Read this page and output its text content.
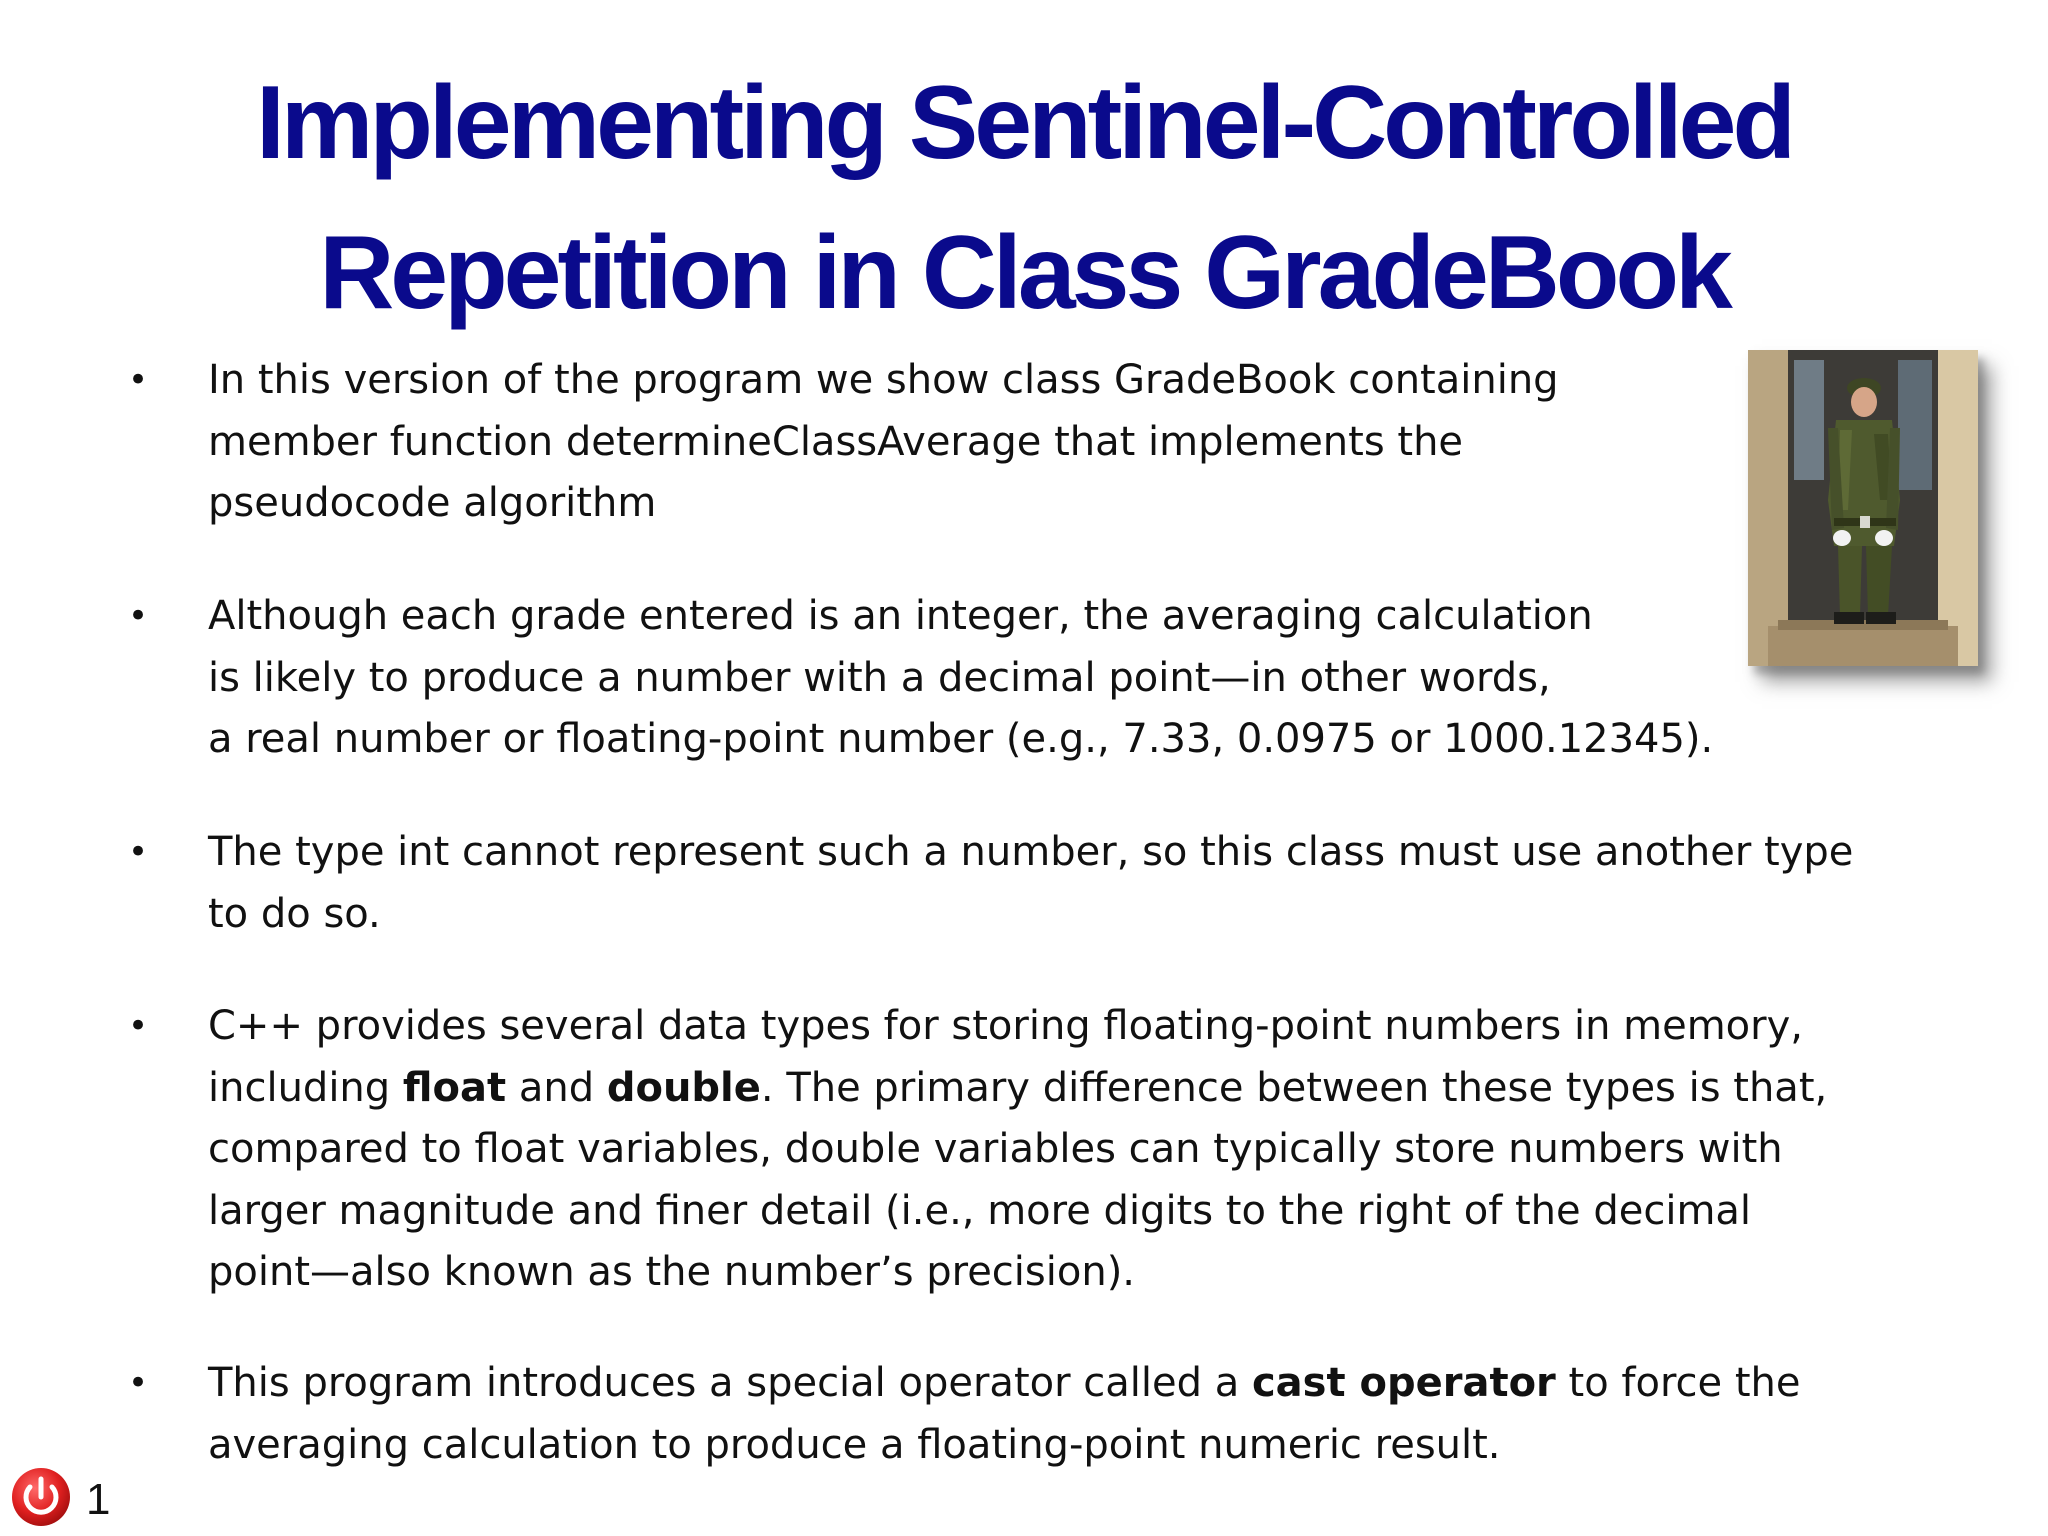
Implementing Sentinel-Controlled
Repetition in Class GradeBook
• In this version of the program we show class GradeBook containing
member function determineClassAverage that implements the
pseudocode algorithm
• Although each grade entered is an integer, the averaging calculation
is likely to produce a number with a decimal point—in other words,
a real number or floating-point number (e.g., 7.33, 0.0975 or 1000.12345).
• The type int cannot represent such a number, so this class must use another type
to do so.
• C++ provides several data types for storing floating-point numbers in memory,
including float and double. The primary difference between these types is that,
compared to float variables, double variables can typically store numbers with
larger magnitude and finer detail (i.e., more digits to the right of the decimal
point—also known as the number’s precision).
• This program introduces a special operator called a cast operator to force the
averaging calculation to produce a floating-point numeric result.
1
